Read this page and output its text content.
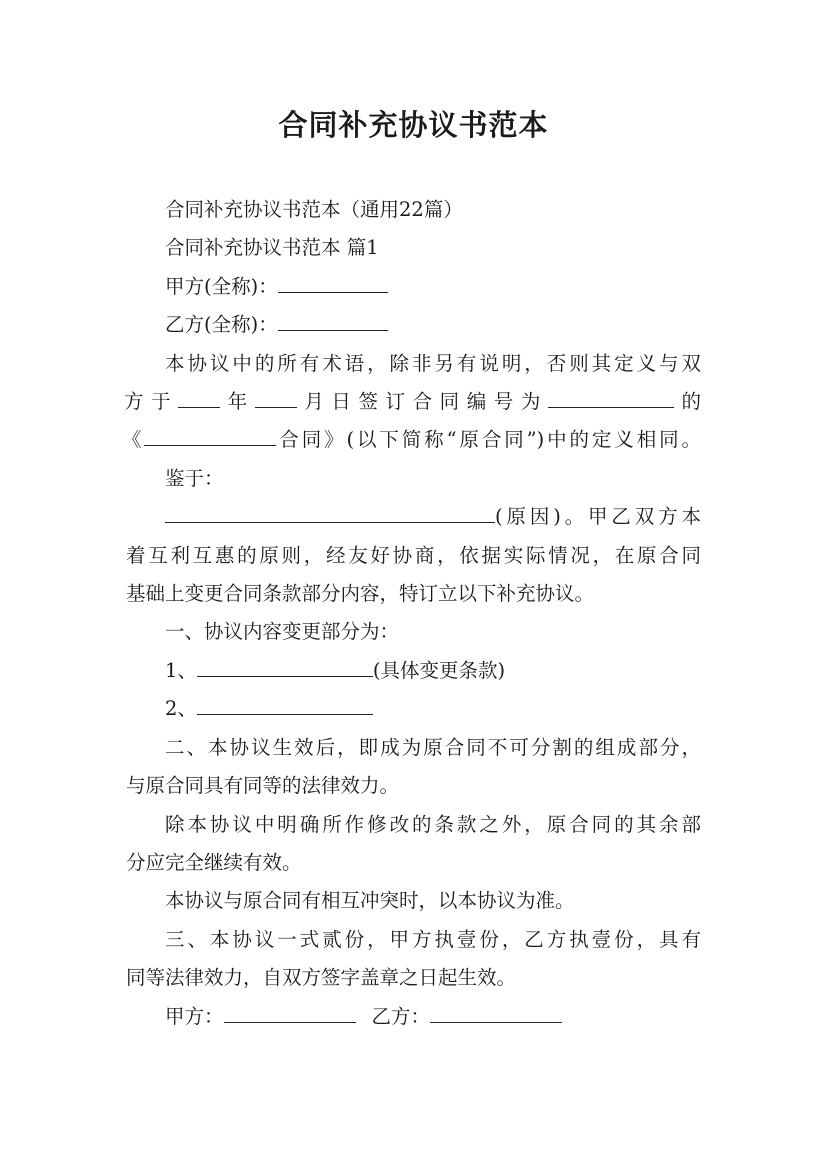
合同补充协议书范本

合同补充协议书范本（通用22篇）

合同补充协议书范本 篇1

甲方(全称)：

乙方(全称)：

本协议中的所有术语，除非另有说明，否则其定义与双

方于 年 月日签订合同编号为	的

《	合同》(以下简称“原合同”)中的定义相同。

鉴于：

(原因)。甲乙双方本

着互利互惠的原则，经友好协商，依据实际情况，在原合同

基础上变更合同条款部分内容，特订立以下补充协议。

一、协议内容变更部分为：

1、	(具体变更条款)

2、

二、本协议生效后，即成为原合同不可分割的组成部分，

与原合同具有同等的法律效力。

除本协议中明确所作修改的条款之外，原合同的其余部

分应完全继续有效。

本协议与原合同有相互冲突时，以本协议为准。

三、本协议一式贰份，甲方执壹份，乙方执壹份，具有

同等法律效力，自双方签字盖章之日起生效。

甲方：	乙方：
